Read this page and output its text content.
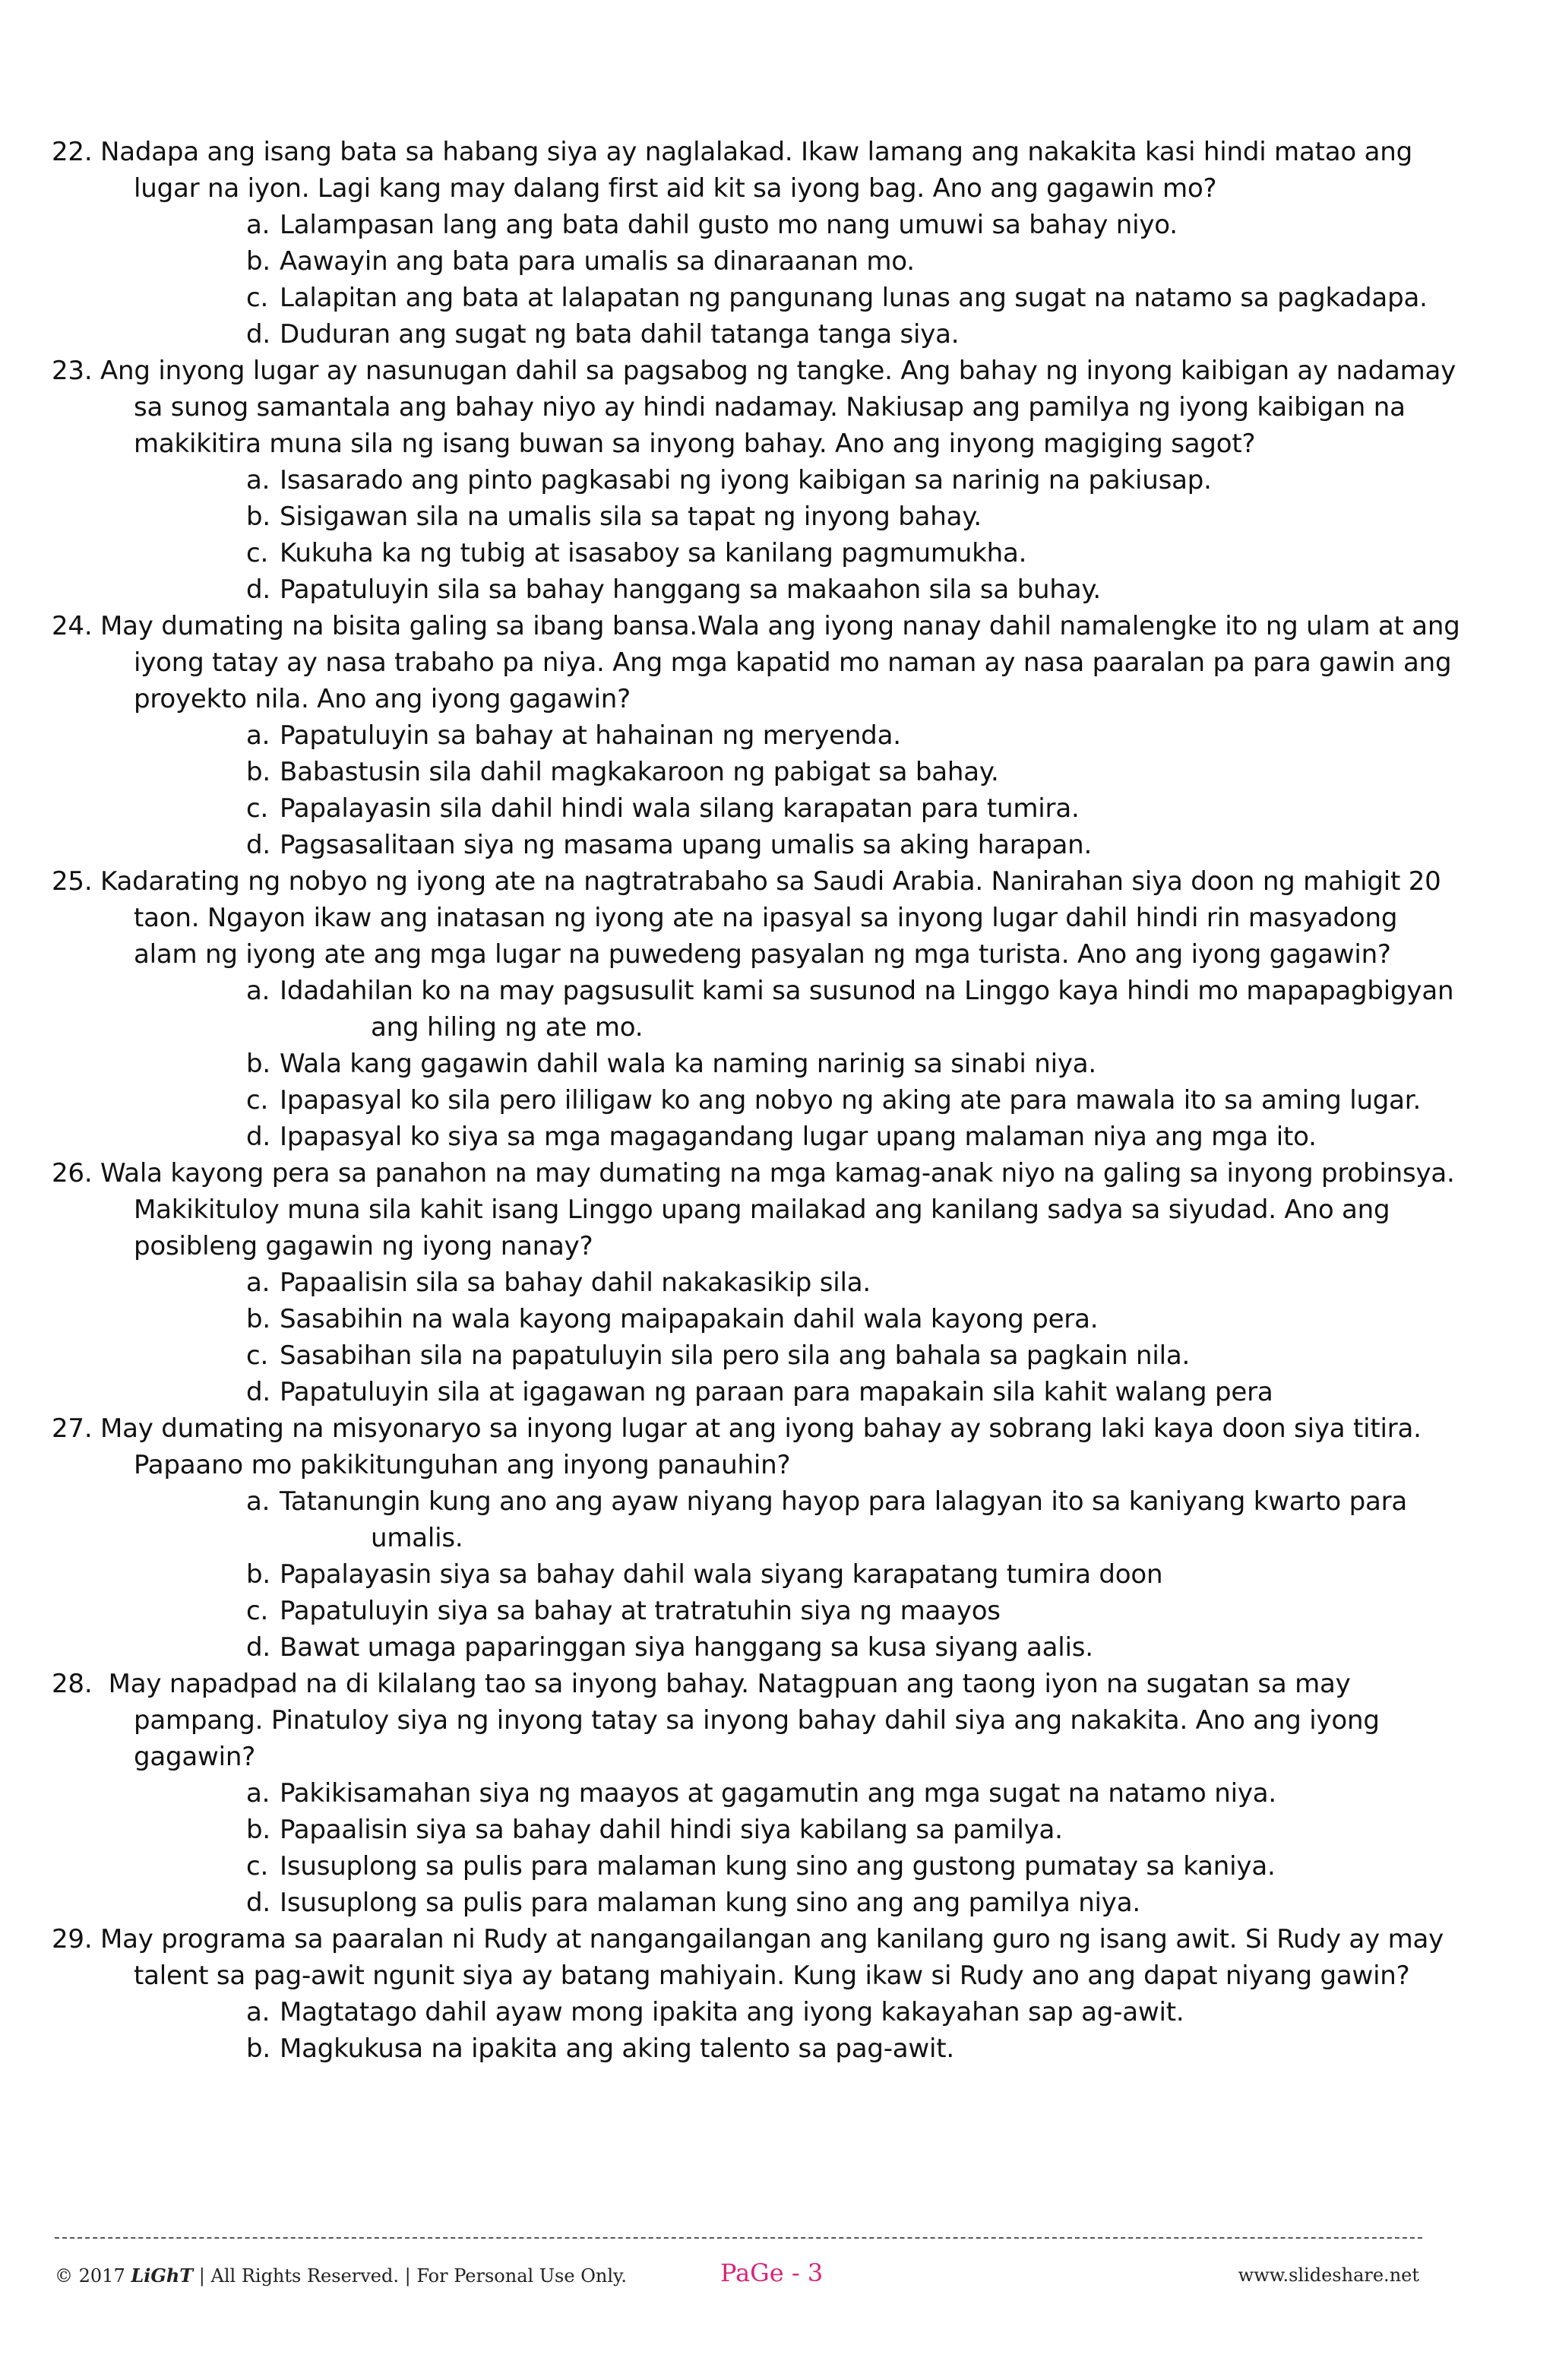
22. Nadapa ang isang bata sa habang siya ay naglalakad. Ikaw lamang ang nakakita kasi hindi matao ang lugar na iyon. Lagi kang may dalang first aid kit sa iyong bag. Ano ang gagawin mo?

a. Lalampasan lang ang bata dahil gusto mo nang umuwi sa bahay niyo.
b. Aawayin ang bata para umalis sa dinaraanan mo.
c. Lalapitan ang bata at lalapatan ng pangunang lunas ang sugat na natamo sa pagkadapa.
d. Duduran ang sugat ng bata dahil tatanga tanga siya.

23. Ang inyong lugar ay nasunugan dahil sa pagsabog ng tangke. Ang bahay ng inyong kaibigan ay nadamay sa sunog samantala ang bahay niyo ay hindi nadamay. Nakiusap ang pamilya ng iyong kaibigan na makikitira muna sila ng isang buwan sa inyong bahay. Ano ang inyong magiging sagot?

a. Isasarado ang pinto pagkasabi ng iyong kaibigan sa narinig na pakiusap.
b. Sisigawan sila na umalis sila sa tapat ng inyong bahay.
c. Kukuha ka ng tubig at isasaboy sa kanilang pagmumukha.
d. Papatuluyin sila sa bahay hanggang sa makaahon sila sa buhay.

24. May dumating na bisita galing sa ibang bansa.Wala ang iyong nanay dahil namalengke ito ng ulam at ang iyong tatay ay nasa trabaho pa niya. Ang mga kapatid mo naman ay nasa paaralan pa para gawin ang proyekto nila. Ano ang iyong gagawin?

a. Papatuluyin sa bahay at hahainan ng meryenda.
b. Babastusin sila dahil magkakaroon ng pabigat sa bahay.
c. Papalayasin sila dahil hindi wala silang karapatan para tumira.
d. Pagsasalitaan siya ng masama upang umalis sa aking harapan.

25. Kadarating ng nobyo ng iyong ate na nagtratrabaho sa Saudi Arabia. Nanirahan siya doon ng mahigit 20 taon. Ngayon ikaw ang inatasan ng iyong ate na ipasyal sa inyong lugar dahil hindi rin masyadong alam ng iyong ate ang mga lugar na puwedeng pasyalan ng mga turista. Ano ang iyong gagawin?

a. Idadahilan ko na may pagsusulit kami sa susunod na Linggo kaya hindi mo mapapagbigyan
ang hiling ng ate mo.
b. Wala kang gagawin dahil wala ka naming narinig sa sinabi niya.
c. Ipapasyal ko sila pero ililigaw ko ang nobyo ng aking ate para mawala ito sa aming lugar.
d. Ipapasyal ko siya sa mga magagandang lugar upang malaman niya ang mga ito.

26. Wala kayong pera sa panahon na may dumating na mga kamag-anak niyo na galing sa inyong probinsya. Makikituloy muna sila kahit isang Linggo upang mailakad ang kanilang sadya sa siyudad. Ano ang posibleng gagawin ng iyong nanay?

a. Papaalisin sila sa bahay dahil nakakasikip sila.
b. Sasabihin na wala kayong maipapakain dahil wala kayong pera.
c. Sasabihan sila na papatuluyin sila pero sila ang bahala sa pagkain nila.
d. Papatuluyin sila at igagawan ng paraan para mapakain sila kahit walang pera

27. May dumating na misyonaryo sa inyong lugar at ang iyong bahay ay sobrang laki kaya doon siya titira. Papaano mo pakikitunguhan ang inyong panauhin?

a. Tatanungin kung ano ang ayaw niyang hayop para lalagyan ito sa kaniyang kwarto para
umalis.
b. Papalayasin siya sa bahay dahil wala siyang karapatang tumira doon
c. Papatuluyin siya sa bahay at tratratuhin siya ng maayos
d. Bawat umaga paparinggan siya hanggang sa kusa siyang aalis.

28. May napadpad na di kilalang tao sa inyong bahay. Natagpuan ang taong iyon na sugatan sa may pampang. Pinatuloy siya ng inyong tatay sa inyong bahay dahil siya ang nakakita. Ano ang iyong gagawin?

a. Pakikisamahan siya ng maayos at gagamutin ang mga sugat na natamo niya.
b. Papaalisin siya sa bahay dahil hindi siya kabilang sa pamilya.
c. Isusuplong sa pulis para malaman kung sino ang gustong pumatay sa kaniya.
d. Isusuplong sa pulis para malaman kung sino ang ang pamilya niya.

29. May programa sa paaralan ni Rudy at nangangailangan ang kanilang guro ng isang awit. Si Rudy ay may talent sa pag-awit ngunit siya ay batang mahiyain. Kung ikaw si Rudy ano ang dapat niyang gawin?

a. Magtatago dahil ayaw mong ipakita ang iyong kakayahan sap ag-awit.
b. Magkukusa na ipakita ang aking talento sa pag-awit.
© 2017 LiGhT | All Rights Reserved. | For Personal Use Only.	PaGe - 3	www.slideshare.net
